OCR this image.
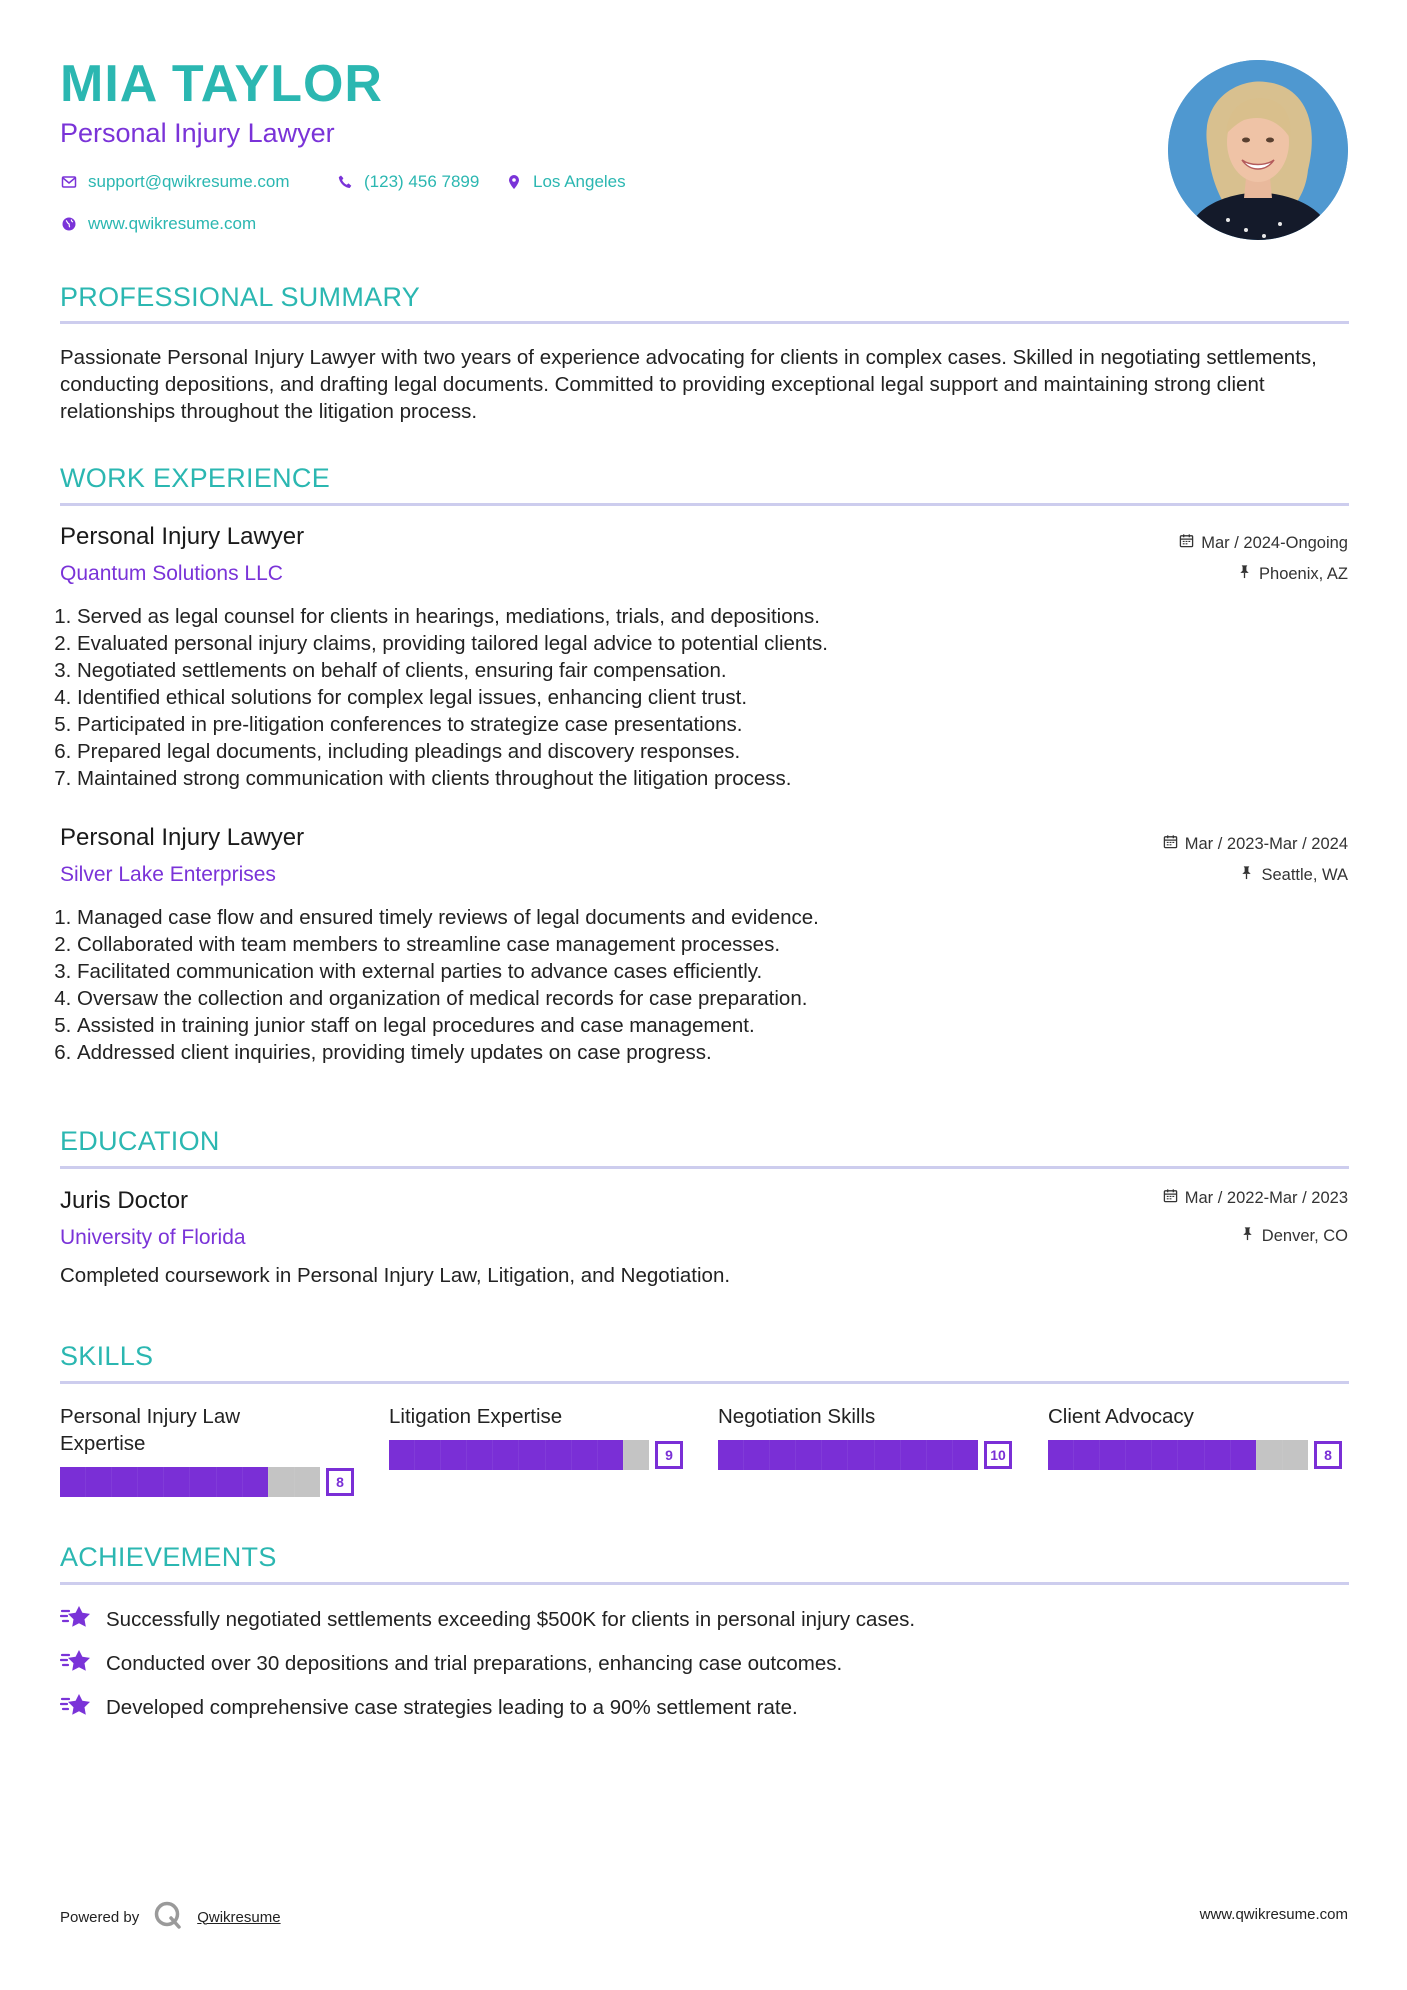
MIA TAYLOR
Personal Injury Lawyer
support@qwikresume.com	(123) 456 7899	Los Angeles
www.qwikresume.com
PROFESSIONAL SUMMARY

Passionate Personal Injury Lawyer with two years of experience advocating for clients in complex cases. Skilled in negotiating settlements, conducting depositions, and drafting legal documents. Committed to providing exceptional legal support and maintaining strong client relationships throughout the litigation process.

WORK EXPERIENCE
Personal Injury Lawyer
Quantum Solutions LLC
Mar / 2024-Ongoing
Phoenix, AZ
1. Served as legal counsel for clients in hearings, mediations, trials, and depositions.
2. Evaluated personal injury claims, providing tailored legal advice to potential clients.
3. Negotiated settlements on behalf of clients, ensuring fair compensation.
4. Identified ethical solutions for complex legal issues, enhancing client trust.
5. Participated in pre-litigation conferences to strategize case presentations.
6. Prepared legal documents, including pleadings and discovery responses.
7. Maintained strong communication with clients throughout the litigation process.
Personal Injury Lawyer
Silver Lake Enterprises
Mar / 2023-Mar / 2024
Seattle, WA
1. Managed case flow and ensured timely reviews of legal documents and evidence.
2. Collaborated with team members to streamline case management processes.
3. Facilitated communication with external parties to advance cases efficiently.
4. Oversaw the collection and organization of medical records for case preparation.
5. Assisted in training junior staff on legal procedures and case management.
6. Addressed client inquiries, providing timely updates on case progress.
EDUCATION
Juris Doctor
University of Florida
Mar / 2022-Mar / 2023
Denver, CO

Completed coursework in Personal Injury Law, Litigation, and Negotiation.

SKILLS
Personal Injury Law Expertise
8
Litigation Expertise
9
Negotiation Skills
10
Client Advocacy
8
ACHIEVEMENTS
Successfully negotiated settlements exceeding $500K for clients in personal injury cases.
Conducted over 30 depositions and trial preparations, enhancing case outcomes.
Developed comprehensive case strategies leading to a 90% settlement rate.
Powered by	Qwikresume	www.qwikresume.com
